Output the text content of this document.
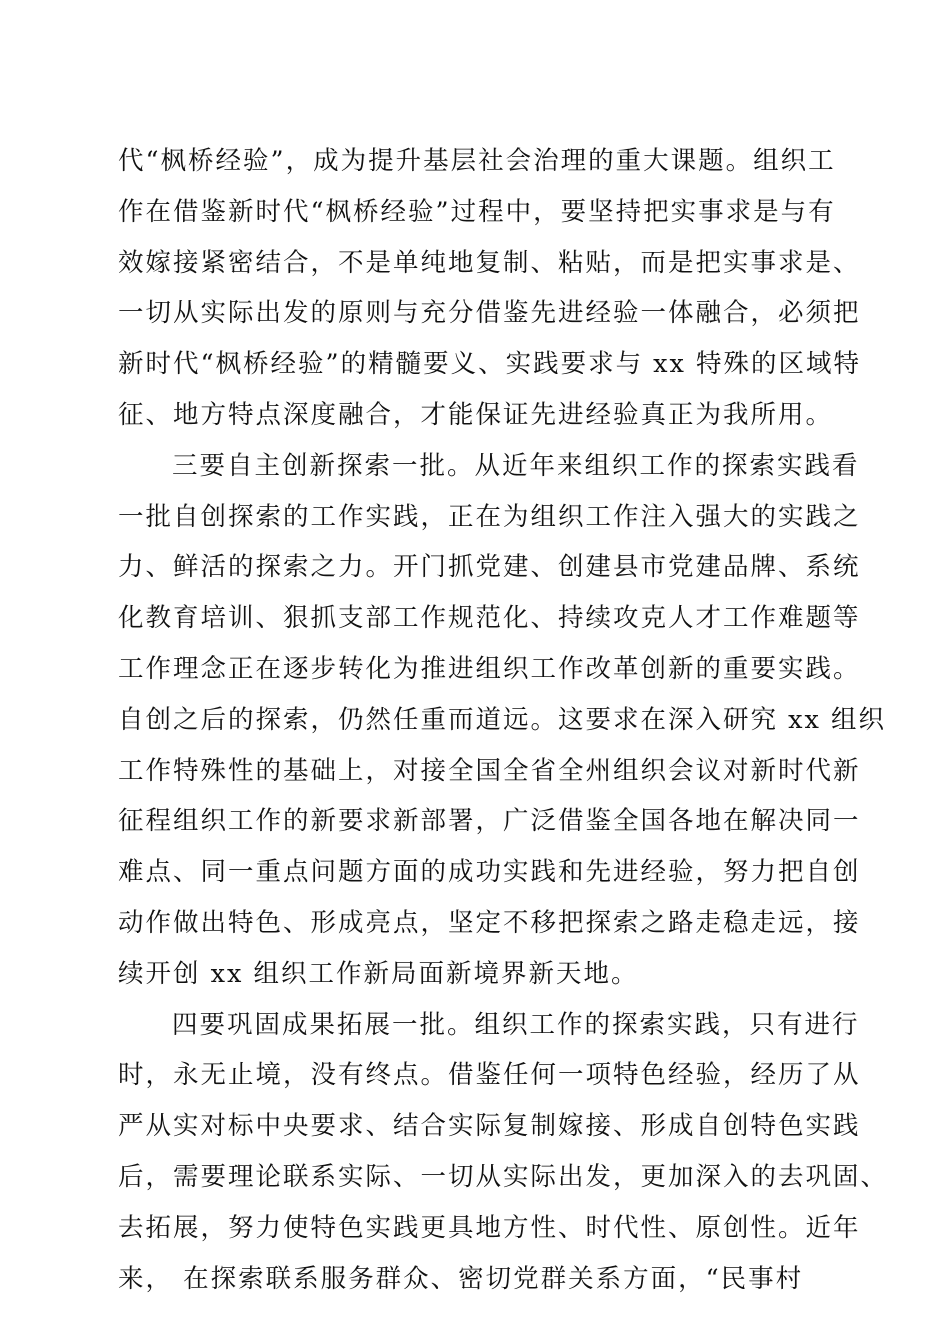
代“枫桥经验”，成为提升基层社会治理的重大课题。组织工
作在借鉴新时代“枫桥经验”过程中，要坚持把实事求是与有
效嫁接紧密结合，不是单纯地复制、粘贴，而是把实事求是、
一切从实际出发的原则与充分借鉴先进经验一体融合，必须把
新时代“枫桥经验”的精髓要义、实践要求与 xx 特殊的区域特
征、地方特点深度融合，才能保证先进经验真正为我所用。
三要自主创新探索一批。从近年来组织工作的探索实践看
一批自创探索的工作实践，正在为组织工作注入强大的实践之
力、鲜活的探索之力。开门抓党建、创建县市党建品牌、系统
化教育培训、狠抓支部工作规范化、持续攻克人才工作难题等
工作理念正在逐步转化为推进组织工作改革创新的重要实践。
自创之后的探索，仍然任重而道远。这要求在深入研究 xx 组织
工作特殊性的基础上，对接全国全省全州组织会议对新时代新
征程组织工作的新要求新部署，广泛借鉴全国各地在解决同一
难点、同一重点问题方面的成功实践和先进经验，努力把自创
动作做出特色、形成亮点，坚定不移把探索之路走稳走远，接
续开创 xx 组织工作新局面新境界新天地。
四要巩固成果拓展一批。组织工作的探索实践，只有进行
时，永无止境，没有终点。借鉴任何一项特色经验，经历了从
严从实对标中央要求、结合实际复制嫁接、形成自创特色实践
后，需要理论联系实际、一切从实际出发，更加深入的去巩固、
去拓展，努力使特色实践更具地方性、时代性、原创性。近年
来， 在探索联系服务群众、密切党群关系方面，“民事村
